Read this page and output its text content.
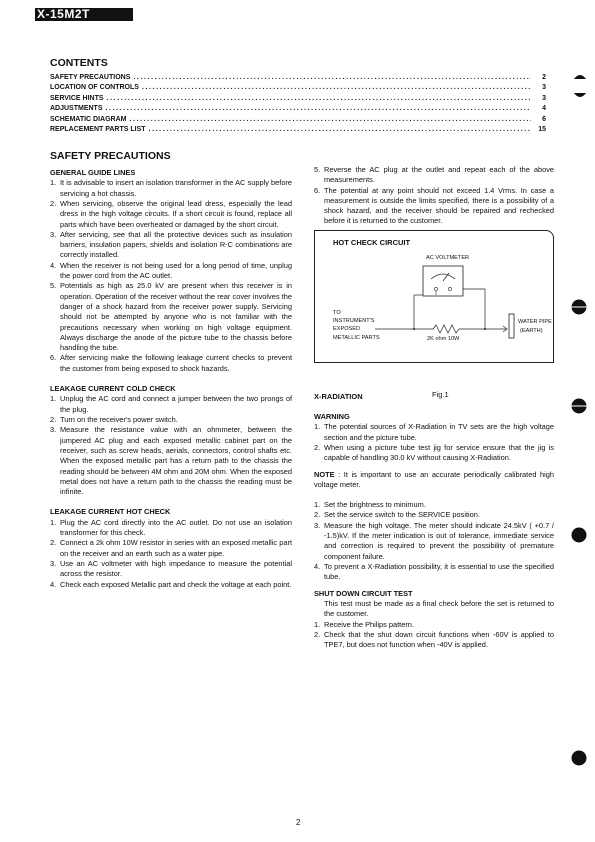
X-15M2T
CONTENTS
SAFETY PRECAUTIONS .....	2
LOCATION OF CONTROLS .....	3
SERVICE HINTS .....	3
ADJUSTMENTS .....	4
SCHEMATIC DIAGRAM .....	6
REPLACEMENT PARTS LIST .....	15
SAFETY PRECAUTIONS
GENERAL GUIDE LINES
1. It is advisable to insert an isolation transformer in the AC supply before servicing a hot chassis.
2. When servicing, observe the original lead dress, especially the lead dress in the high voltage circuits. If a short circuit is found, replace all parts which have been overheated or damaged by the short circuit.
3. After servicing, see that all the protective devices such as insulation barriers, insulation papers, shields and isolation R-C combinations are correctly installed.
4. When the receiver is not being used for a long period of time, unplug the power cord from the AC outlet.
5. Potentials as high as 25.0 kV are present when this receiver is in operation. Operation of the receiver without the rear cover involves the danger of a shock hazard from the receiver power supply. Servicing should not be attempted by anyone who is not familiar with the precautions necessary when working on high voltage equipment. Always discharge the anode of the picture tube to the chassis before handling the tube.
6. After servicing make the following leakage current checks to prevent the customer from being exposed to shock hazards.
LEAKAGE CURRENT COLD CHECK
1. Unplug the AC cord and connect a jumper between the two prongs of the plug.
2. Turn on the receiver's power switch.
3. Measure the resistance value with an ohmmeter, between the jumpered AC plug and each exposed metallic cabinet part on the receiver, such as screw heads, aerials, connectors, control shafts etc. When the exposed metallic part has a return path to the chassis the reading should be between 4M ohm and 20M ohm. When the exposed metal does not have a return path to the chassis the reading must be infinite.
LEAKAGE CURRENT HOT CHECK
1. Plug the AC cord directly into the AC outlet. Do not use an isolation transformer for this check.
2. Connect a 2k ohm 10W resistor in series with an exposed metallic part on the receiver and an earth such as a water pipe.
3. Use an AC voltmeter with high impedance to measure the potential across the resistor.
4. Check each exposed Metallic part and check the voltage at each point.
5. Reverse the AC plug at the outlet and repeat each of the above measurements.
6. The potential at any point should not exceed 1.4 Vrms. In case a measurement is outside the limits specified, there is a possibility of a shock hazard, and the receiver should be repaired and rechecked before it is returned to the customer.
HOT CHECK CIRCUIT
AC VOLTMETER
TO
INSTRUMENT'S
EXPOSED
METALLIC PARTS	2K ohm 10W
WATER PIPE
(EARTH)
Fig.1
X-RADIATION
WARNING
1. The potential sources of X-Radiation in TV sets are the high voltage section and the picture tube.
2. When using a picture tube test jig for service ensure that the jig is capable of handling 30.0 kV without causing X-Radiation.
NOTE : It is important to use an accurate periodically calibrated high voltage meter.
1. Set the brightness to minimum.
2. Set the service switch to the SERVICE position.
3. Measure the high voltage. The meter should indicate 24.5kV ( +0.7 / -1.5)kV. If the meter indication is out of tolerance, immediate service and correction is required to prevent the possibility of premature component failure.
4. To prevent a X-Radiation possibility, it is essential to use the specified tube.
SHUT DOWN CIRCUIT TEST
This test must be made as a final check before the set is returned to the customer.
1. Receive the Philips pattern.
2. Check that the shut down circuit functions when -60V is applied to TPE7, but does not function when -40V is applied.
2
